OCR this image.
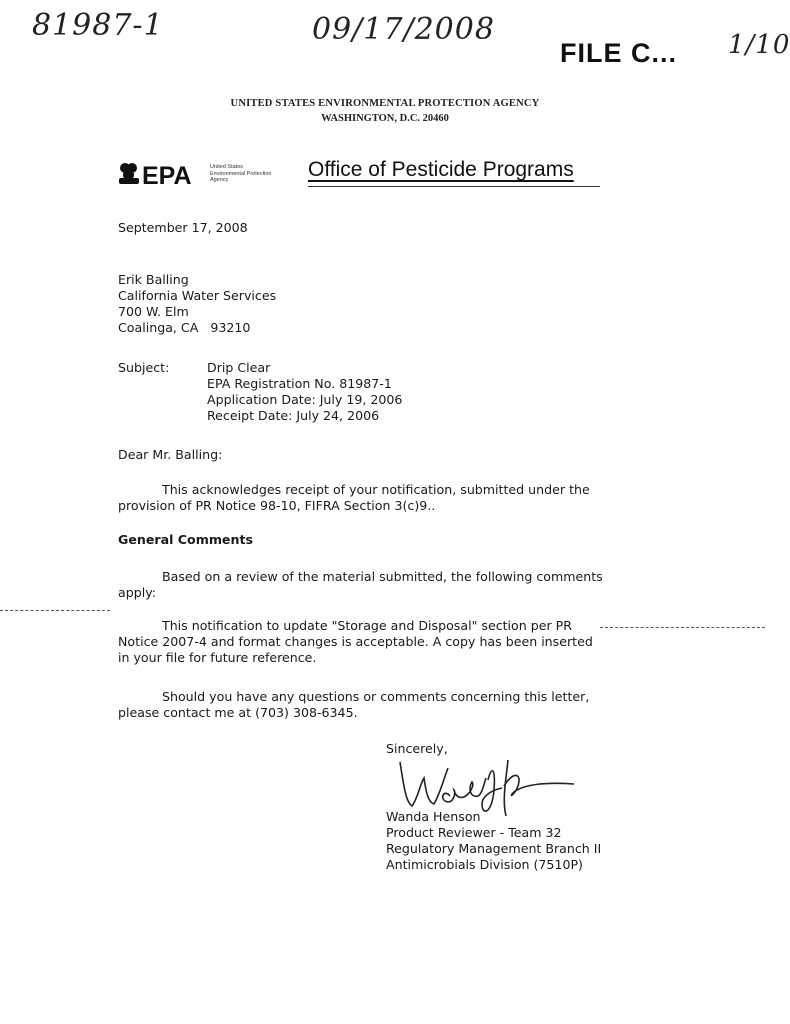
81987-1	09/17/2008
FILE C... 1/10
UNITED STATES ENVIRONMENTAL PROTECTION AGENCY
WASHINGTON, D.C. 20460
EPA	United States
Environmental Protection
Agency	Office of Pesticide Programs
September 17, 2008
Erik Balling
California Water Services
700 W. Elm
Coalinga, CA   93210
Subject:	Drip Clear
EPA Registration No. 81987-1
Application Date: July 19, 2006
Receipt Date: July 24, 2006
Dear Mr. Balling:
This acknowledges receipt of your notification, submitted under the
provision of PR Notice 98-10, FIFRA Section 3(c)9..
General Comments
Based on a review of the material submitted, the following comments
apply:
This notification to update "Storage and Disposal" section per PR
Notice 2007-4 and format changes is acceptable. A copy has been inserted
in your file for future reference.
Should you have any questions or comments concerning this letter,
please contact me at (703) 308-6345.
Sincerely,
Wanda Henson
Product Reviewer - Team 32
Regulatory Management Branch II
Antimicrobials Division (7510P)
